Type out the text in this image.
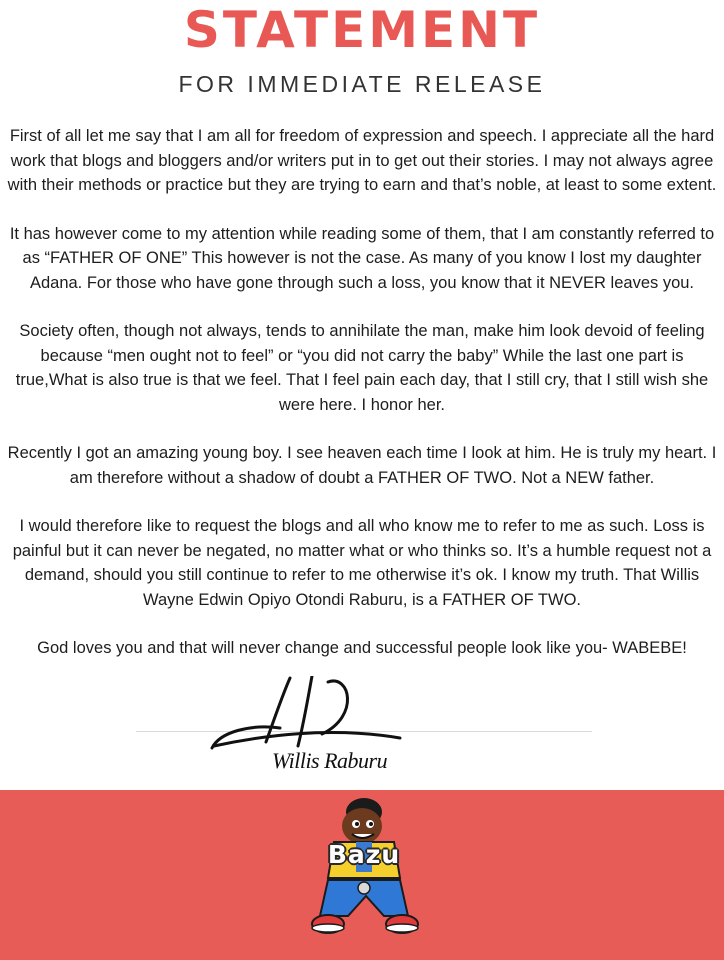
STATEMENT
FOR IMMEDIATE RELEASE

First of all let me say that I am all for freedom of expression and speech. I appreciate all the hard work that blogs and bloggers and/or writers put in to get out their stories. I may not always agree with their methods or practice but they are trying to earn and that’s noble, at least to some extent.

It has however come to my attention while reading some of them, that I am constantly referred to as “FATHER OF ONE” This however is not the case. As many of you know I lost my daughter Adana. For those who have gone through such a loss, you know that it NEVER leaves you.

Society often, though not always, tends to annihilate the man, make him look devoid of feeling because “men ought not to feel” or “you did not carry the baby” While the last one part is true,What is also true is that we feel. That I feel pain each day, that I still cry, that I still wish she were here. I honor her.

Recently I got an amazing young boy. I see heaven each time I look at him. He is truly my heart. I am therefore without a shadow of doubt a FATHER OF TWO. Not a NEW father.

I would therefore like to request the blogs and all who know me to refer to me as such. Loss is painful but it can never be negated, no matter what or who thinks so. It’s a humble request not a demand, should you still continue to refer to me otherwise it’s ok. I know my truth. That Willis Wayne Edwin Opiyo Otondi Raburu, is a FATHER OF TWO.

God loves you and that will never change and successful people look like you- WABEBE!

Willis Raburu
Bazu
